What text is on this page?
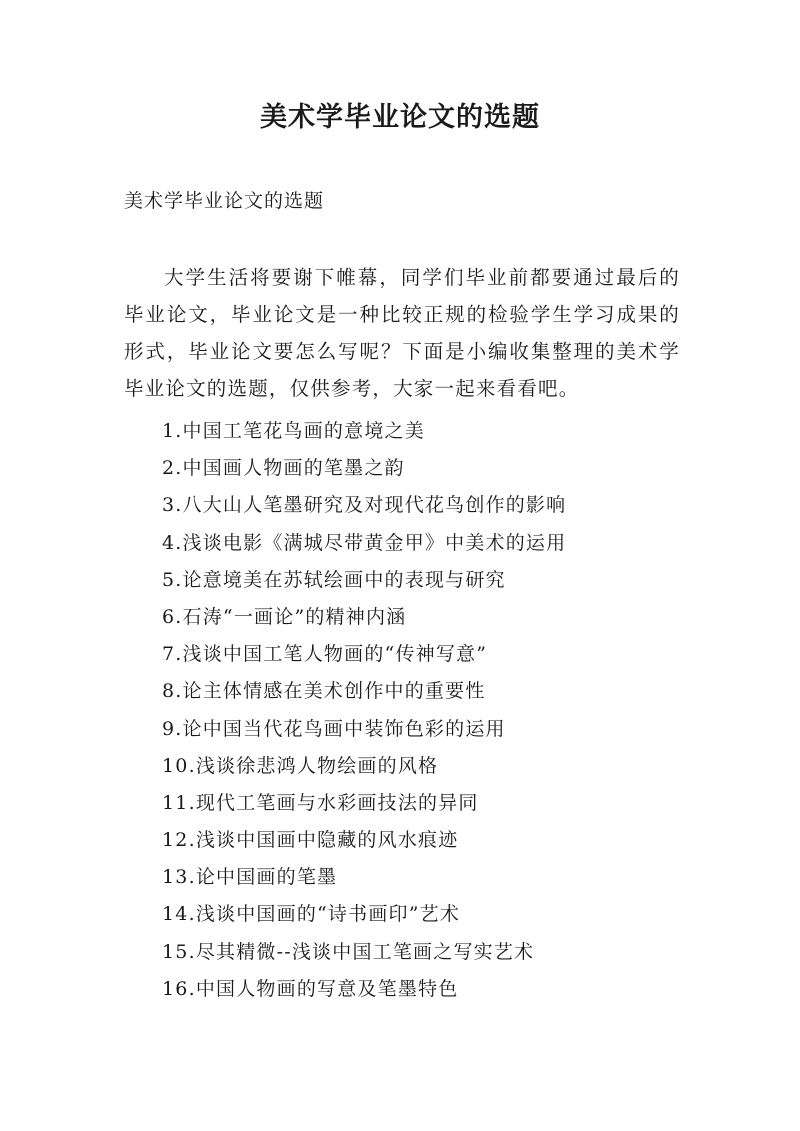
美术学毕业论文的选题
美术学毕业论文的选题

大学生活将要谢下帷幕，同学们毕业前都要通过最后的毕业论文，毕业论文是一种比较正规的检验学生学习成果的形式，毕业论文要怎么写呢？下面是小编收集整理的美术学毕业论文的选题，仅供参考，大家一起来看看吧。

1.中国工笔花鸟画的意境之美
2.中国画人物画的笔墨之韵
3.八大山人笔墨研究及对现代花鸟创作的影响
4.浅谈电影《满城尽带黄金甲》中美术的运用
5.论意境美在苏轼绘画中的表现与研究
6.石涛“一画论”的精神内涵
7.浅谈中国工笔人物画的“传神写意”
8.论主体情感在美术创作中的重要性
9.论中国当代花鸟画中装饰色彩的运用
10.浅谈徐悲鸿人物绘画的风格
11.现代工笔画与水彩画技法的异同
12.浅谈中国画中隐藏的风水痕迹
13.论中国画的笔墨
14.浅谈中国画的“诗书画印”艺术
15.尽其精微--浅谈中国工笔画之写实艺术
16.中国人物画的写意及笔墨特色
